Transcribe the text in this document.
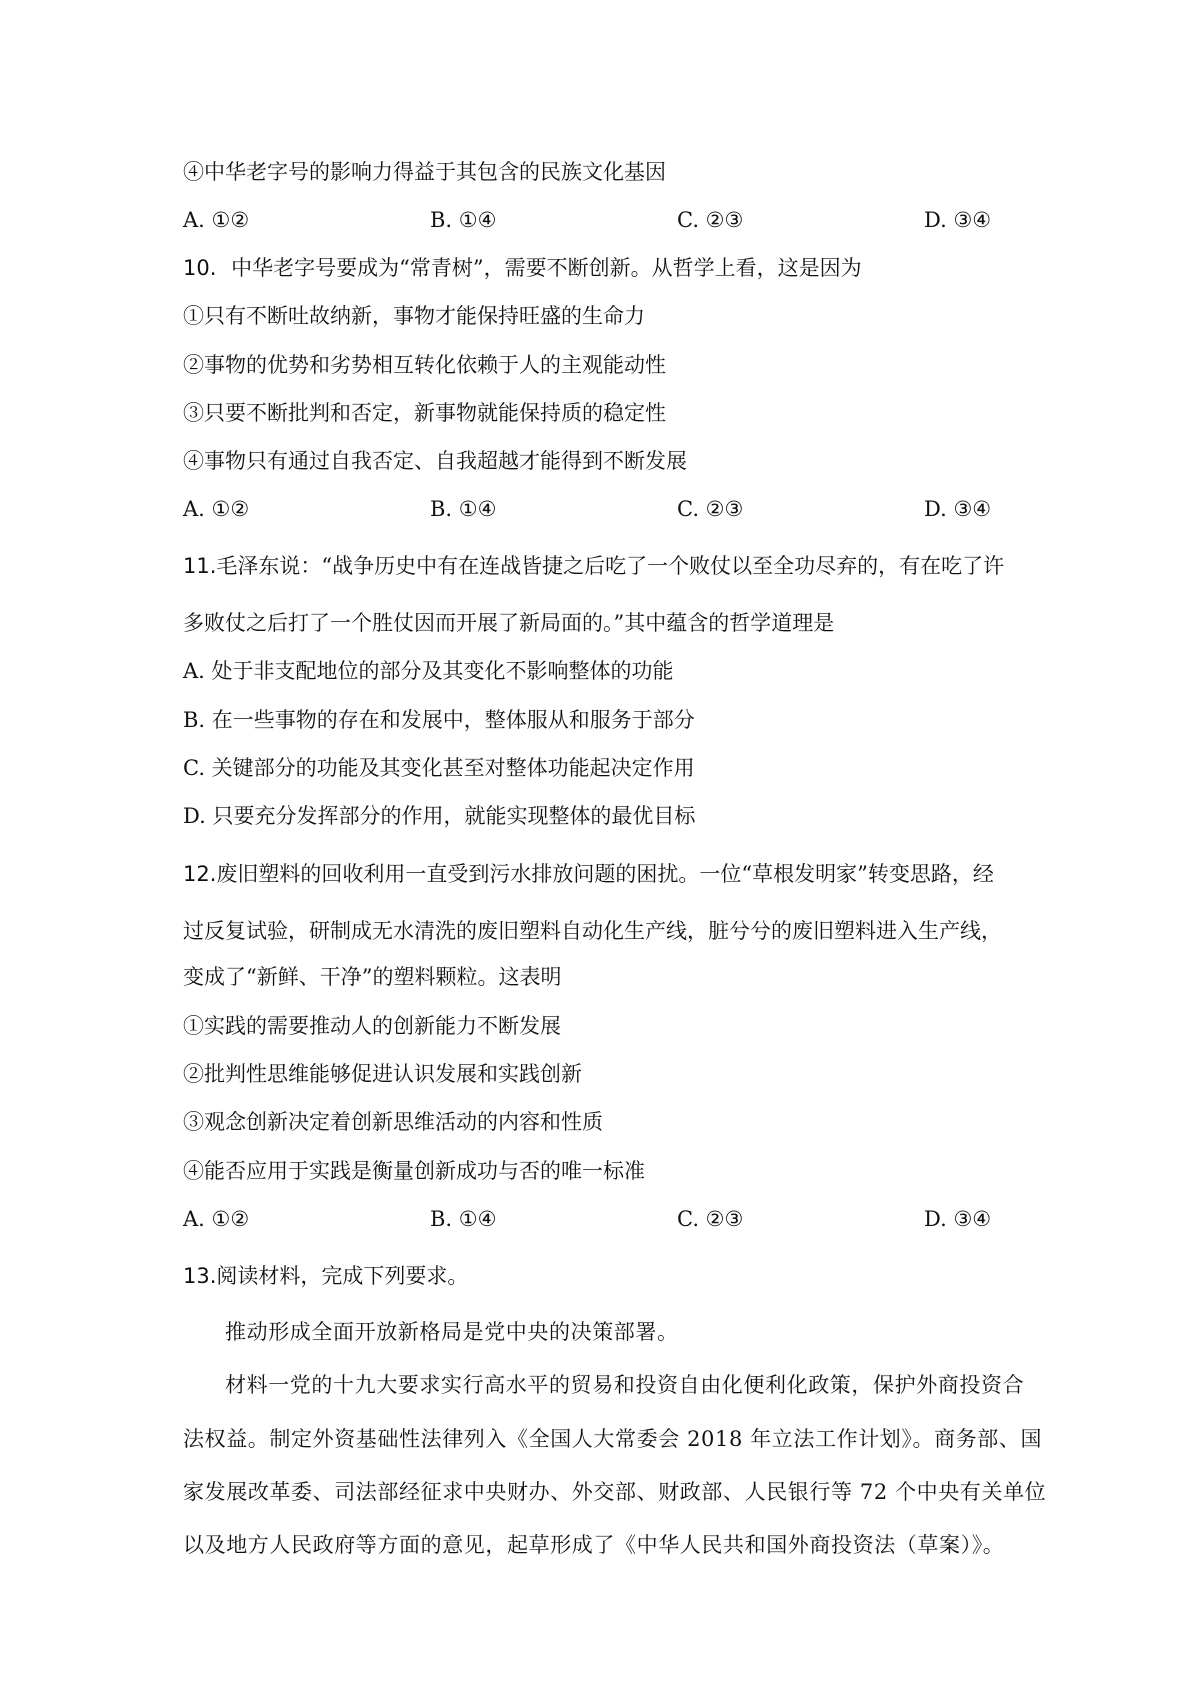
④中华老字号的影响力得益于其包含的民族文化基因
A. ①②	B. ①④	C. ②③	D. ③④
10. 中华老字号要成为“常青树”，需要不断创新。从哲学上看，这是因为
①只有不断吐故纳新，事物才能保持旺盛的生命力
②事物的优势和劣势相互转化依赖于人的主观能动性
③只要不断批判和否定，新事物就能保持质的稳定性
④事物只有通过自我否定、自我超越才能得到不断发展
A. ①②	B. ①④	C. ②③	D. ③④
11.毛泽东说：“战争历史中有在连战皆捷之后吃了一个败仗以至全功尽弃的，有在吃了许
多败仗之后打了一个胜仗因而开展了新局面的。”其中蕴含的哲学道理是
A. 处于非支配地位的部分及其变化不影响整体的功能
B. 在一些事物的存在和发展中，整体服从和服务于部分
C. 关键部分的功能及其变化甚至对整体功能起决定作用
D. 只要充分发挥部分的作用，就能实现整体的最优目标
12.废旧塑料的回收利用一直受到污水排放问题的困扰。一位“草根发明家”转变思路，经
过反复试验，研制成无水清洗的废旧塑料自动化生产线，脏兮兮的废旧塑料进入生产线，
变成了“新鲜、干净”的塑料颗粒。这表明
①实践的需要推动人的创新能力不断发展
②批判性思维能够促进认识发展和实践创新
③观念创新决定着创新思维活动的内容和性质
④能否应用于实践是衡量创新成功与否的唯一标准
A. ①②	B. ①④	C. ②③	D. ③④
13.阅读材料，完成下列要求。
推动形成全面开放新格局是党中央的决策部署。
材料一党的十九大要求实行高水平的贸易和投资自由化便利化政策，保护外商投资合
法权益。制定外资基础性法律列入《全国人大常委会 2018 年立法工作计划》。商务部、国
家发展改革委、司法部经征求中央财办、外交部、财政部、人民银行等 72 个中央有关单位
以及地方人民政府等方面的意见，起草形成了《中华人民共和国外商投资法（草案）》。
